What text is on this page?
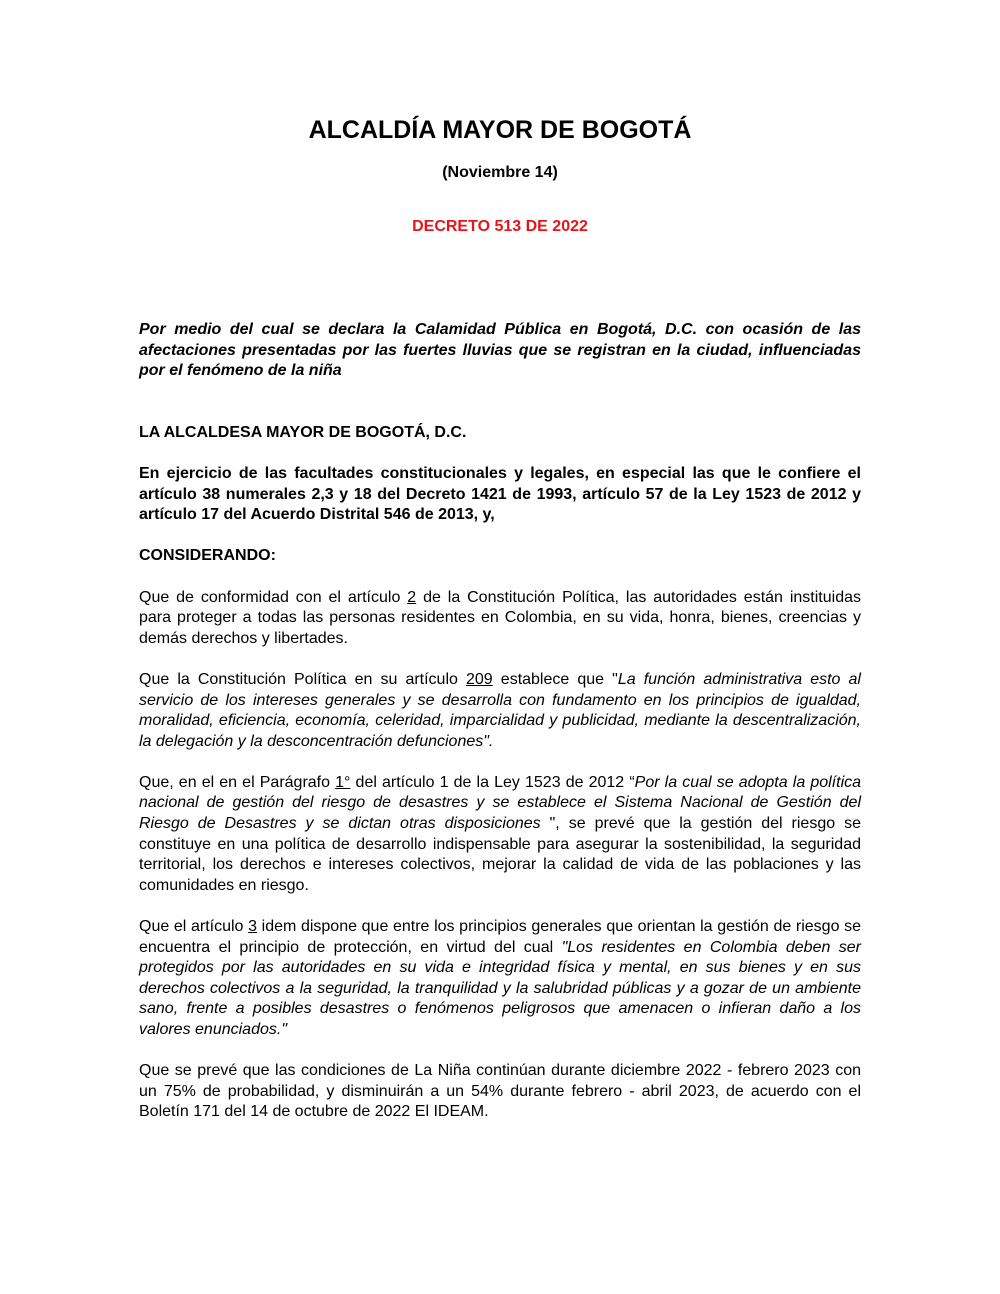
ALCALDÍA MAYOR DE BOGOTÁ
(Noviembre 14)
DECRETO 513 DE 2022

Por medio del cual se declara la Calamidad Pública en Bogotá, D.C. con ocasión de las afectaciones presentadas por las fuertes lluvias que se registran en la ciudad, influenciadas por el fenómeno de la niña

LA ALCALDESA MAYOR DE BOGOTÁ, D.C.

En ejercicio de las facultades constitucionales y legales, en especial las que le confiere el artículo 38 numerales 2,3 y 18 del Decreto 1421 de 1993, artículo 57 de la Ley 1523 de 2012 y artículo 17 del Acuerdo Distrital 546 de 2013, y,

CONSIDERANDO:

Que de conformidad con el artículo 2 de la Constitución Política, las autoridades están instituidas para proteger a todas las personas residentes en Colombia, en su vida, honra, bienes, creencias y demás derechos y libertades.

Que la Constitución Política en su artículo 209 establece que "La función administrativa esto al servicio de los intereses generales y se desarrolla con fundamento en los principios de igualdad, moralidad, eficiencia, economía, celeridad, imparcialidad y publicidad, mediante la descentralización, la delegación y la desconcentración defunciones".

Que, en el en el Parágrafo 1° del artículo 1 de la Ley 1523 de 2012 “Por la cual se adopta la política nacional de gestión del riesgo de desastres y se establece el Sistema Nacional de Gestión del Riesgo de Desastres y se dictan otras disposiciones ", se prevé que la gestión del riesgo se constituye en una política de desarrollo indispensable para asegurar la sostenibilidad, la seguridad territorial, los derechos e intereses colectivos, mejorar la calidad de vida de las poblaciones y las comunidades en riesgo.

Que el artículo 3 idem dispone que entre los principios generales que orientan la gestión de riesgo se encuentra el principio de protección, en virtud del cual "Los residentes en Colombia deben ser protegidos por las autoridades en su vida e integridad física y mental, en sus bienes y en sus derechos colectivos a la seguridad, la tranquilidad y la salubridad públicas y a gozar de un ambiente sano, frente a posibles desastres o fenómenos peligrosos que amenacen o infieran daño a los valores enunciados."

Que se prevé que las condiciones de La Niña continúan durante diciembre 2022 - febrero 2023 con un 75% de probabilidad, y disminuirán a un 54% durante febrero - abril 2023, de acuerdo con el Boletín 171 del 14 de octubre de 2022 El IDEAM.
